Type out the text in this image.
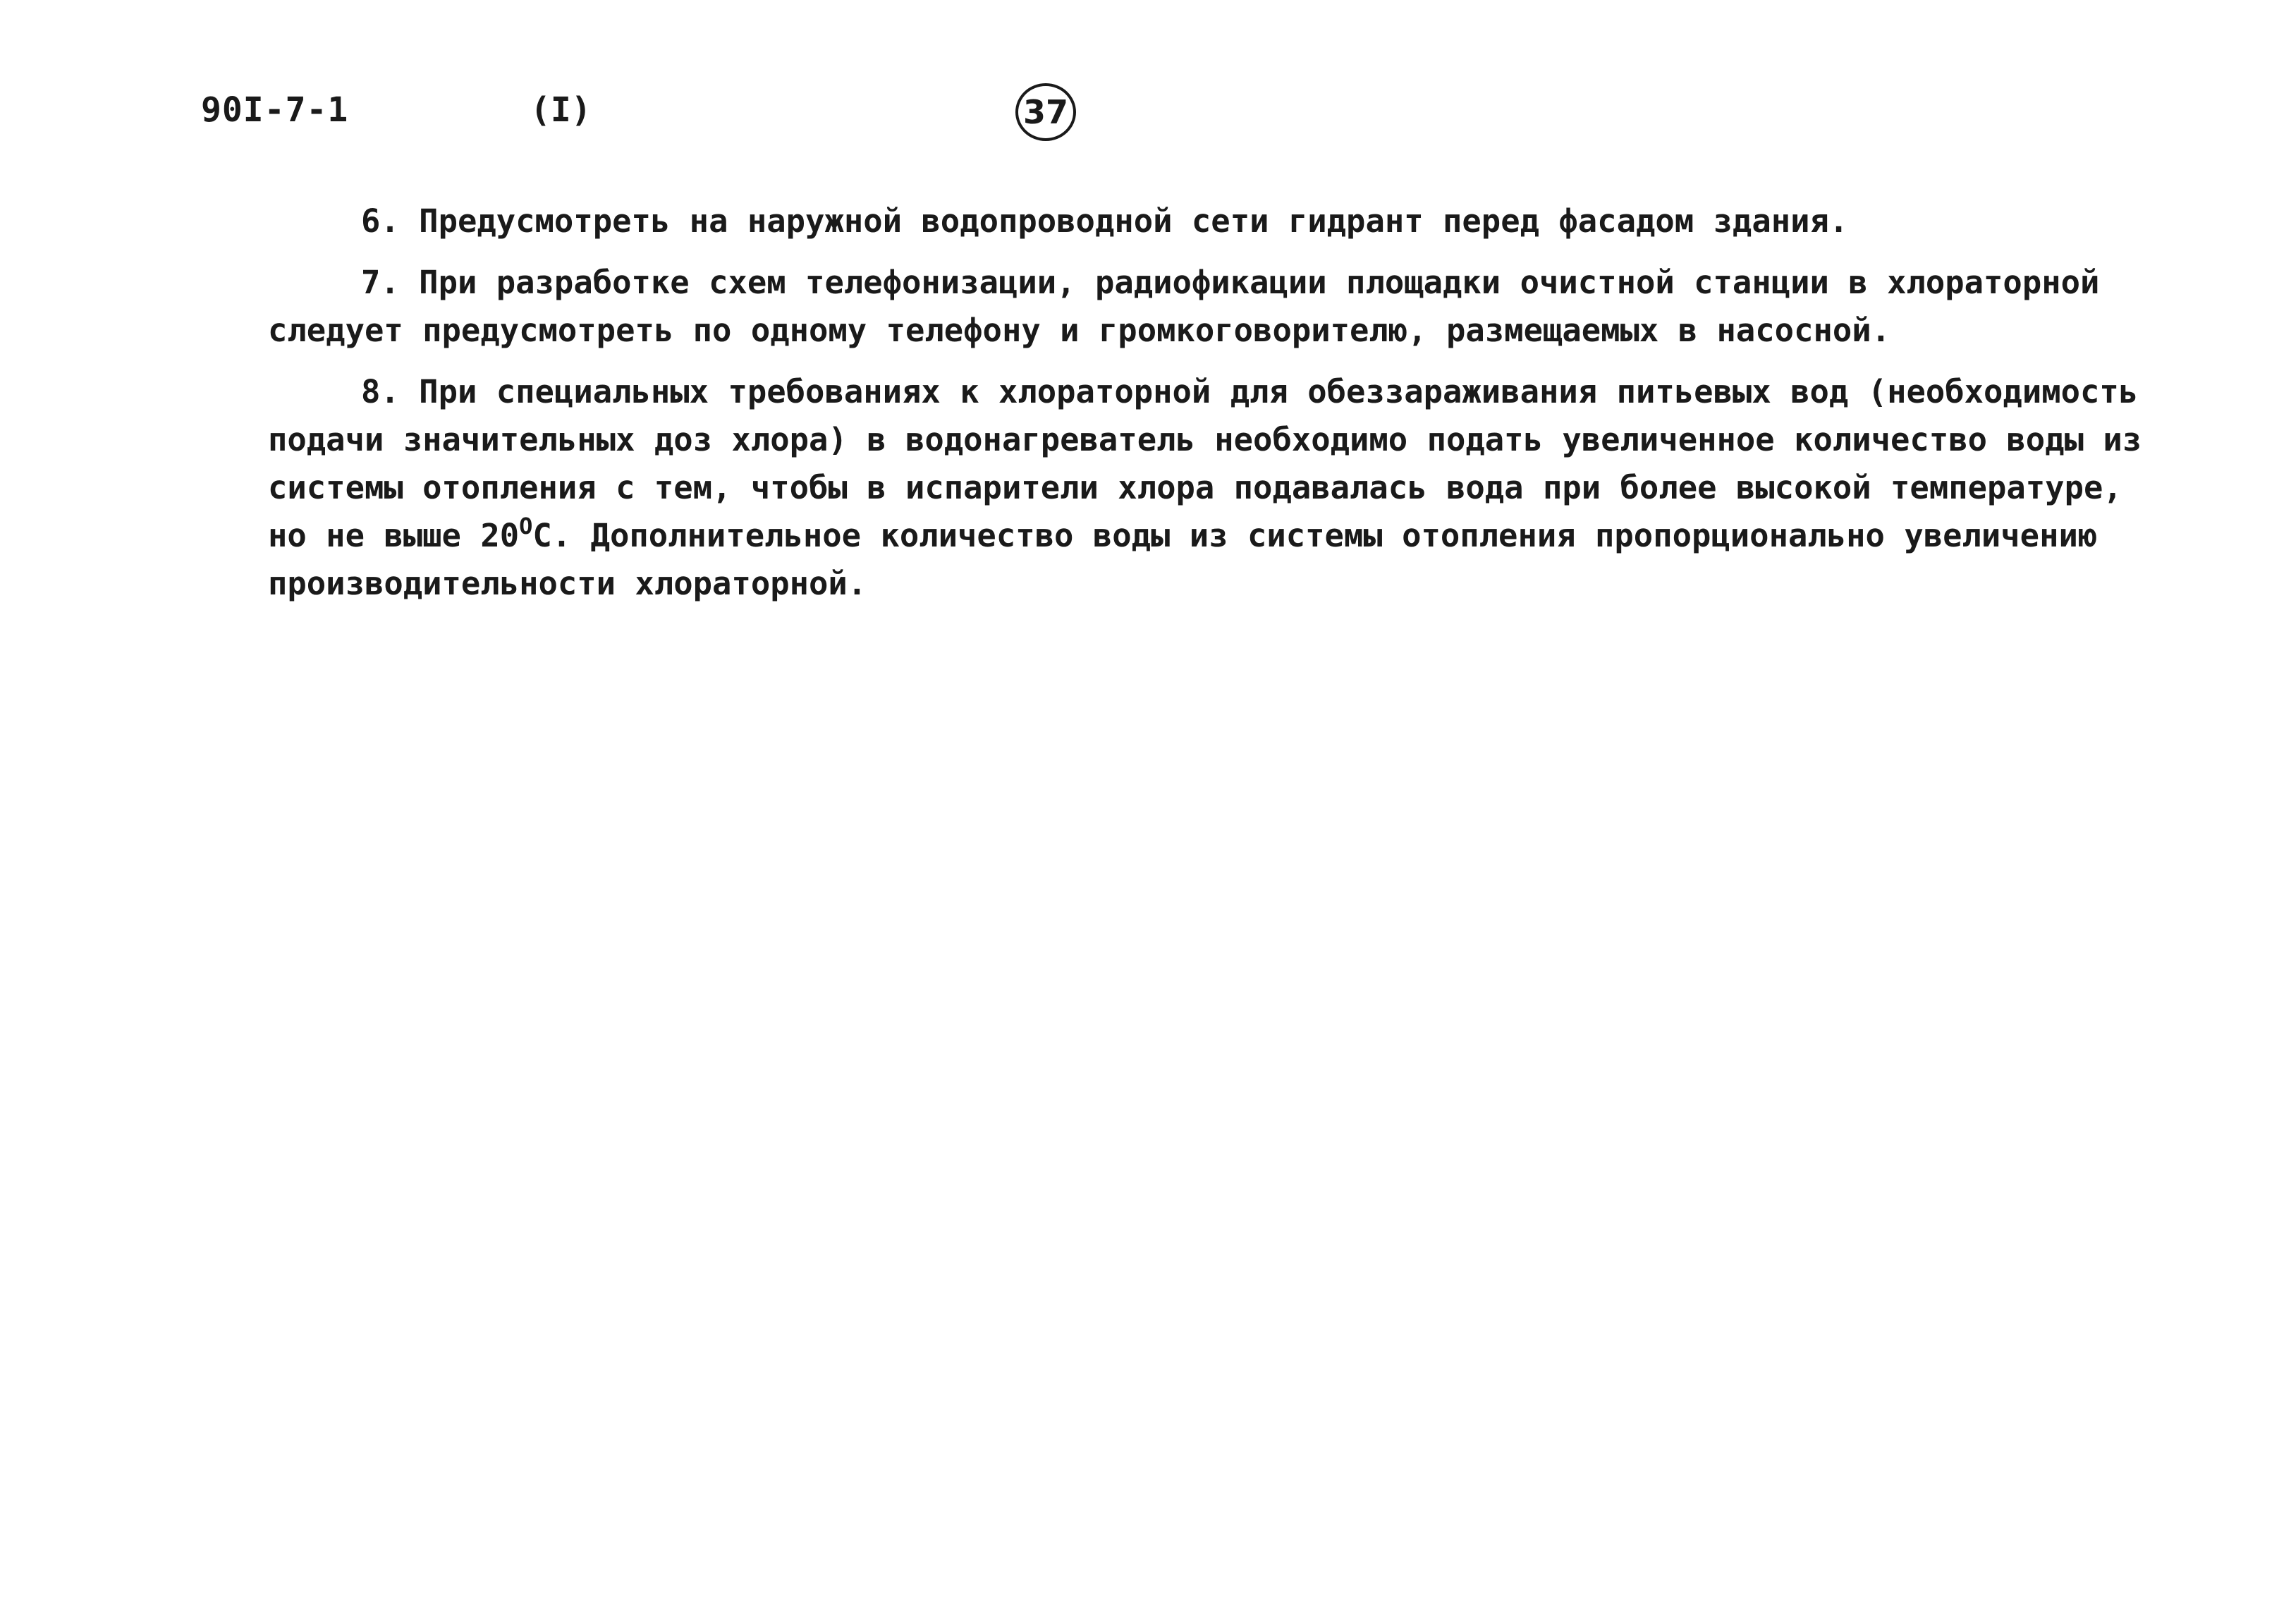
90I-7-1	(I)	37
6. Предусмотреть на наружной водопроводной сети гидрант перед фасадом здания.
7. При разработке схем телефонизации, радиофикации площадки очистной станции в хлораторной
следует предусмотреть по одному телефону и громкоговорителю, размещаемых в насосной.
8. При специальных требованиях к хлораторной для обеззараживания питьевых вод (необходимость
подачи значительных доз хлора) в водонагреватель необходимо подать увеличенное количество воды из
системы отопления с тем, чтобы в испарители хлора подавалась вода при более высокой температуре,
но не выше $20^OС$. Дополнительное количество воды из системы отопления пропорционально увеличению
производительности хлораторной.
